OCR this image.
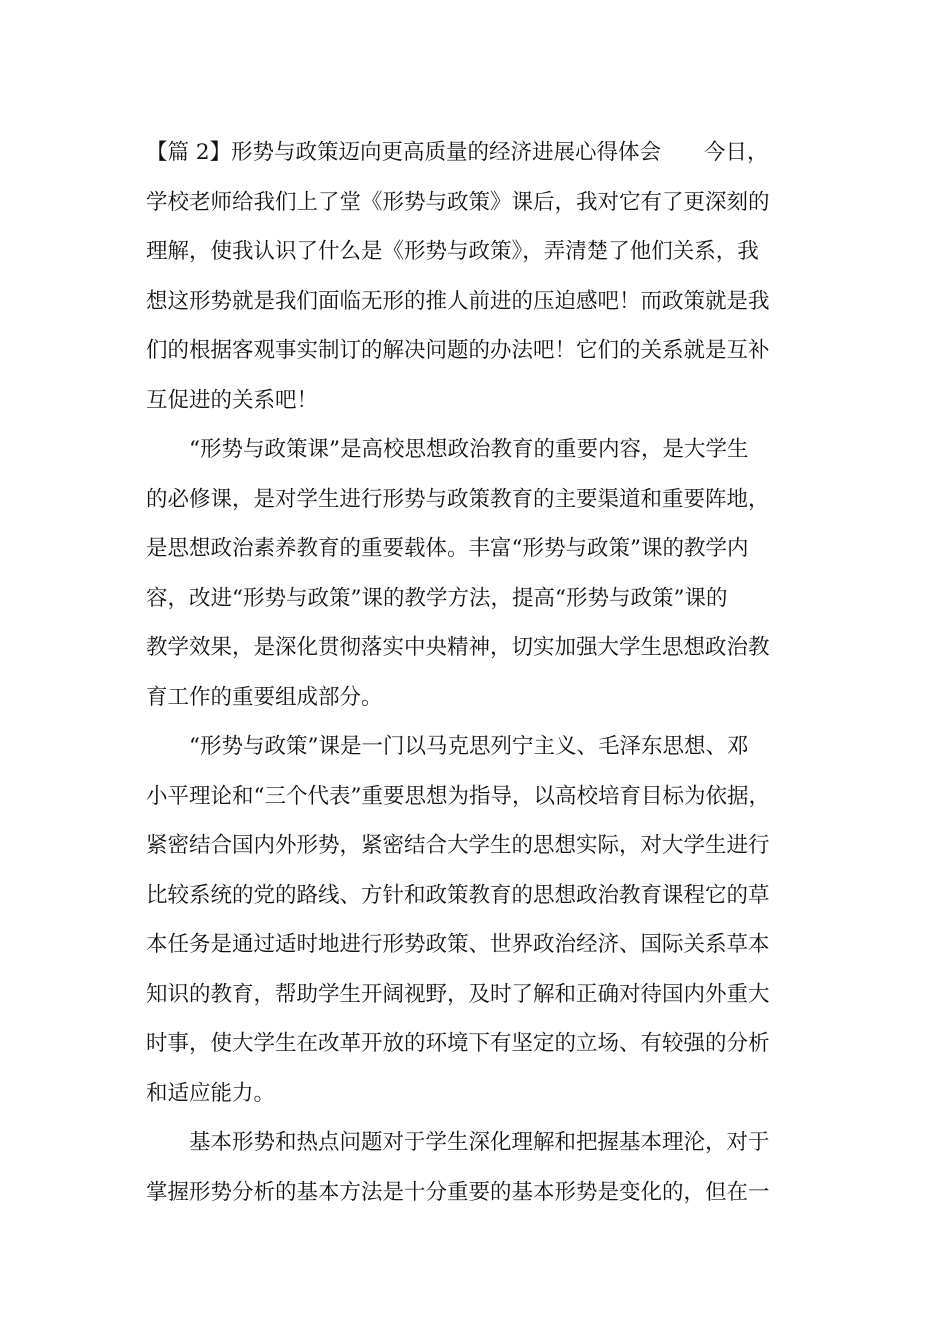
【篇 2】形势与政策迈向更高质量的经济进展心得体会　　今日，
学校老师给我们上了堂《形势与政策》课后，我对它有了更深刻的
理解，使我认识了什么是《形势与政策》，弄清楚了他们关系，我
想这形势就是我们面临无形的推人前进的压迫感吧！而政策就是我
们的根据客观事实制订的解决问题的办法吧！它们的关系就是互补
互促进的关系吧！
“形势与政策课”是高校思想政治教育的重要内容，是大学生
的必修课，是对学生进行形势与政策教育的主要渠道和重要阵地，
是思想政治素养教育的重要载体。丰富“形势与政策”课的教学内
容，改进“形势与政策”课的教学方法，提高“形势与政策”课的
教学效果，是深化贯彻落实中央精神，切实加强大学生思想政治教
育工作的重要组成部分。
“形势与政策”课是一门以马克思列宁主义、毛泽东思想、邓
小平理论和“三个代表”重要思想为指导，以高校培育目标为依据，
紧密结合国内外形势，紧密结合大学生的思想实际，对大学生进行
比较系统的党的路线、方针和政策教育的思想政治教育课程它的草
本任务是通过适时地进行形势政策、世界政治经济、国际关系草本
知识的教育，帮助学生开阔视野，及时了解和正确对待国内外重大
时事，使大学生在改革开放的环境下有坚定的立场、有较强的分析
和适应能力。
基本形势和热点问题对于学生深化理解和把握基本理沦，对于
掌握形势分析的基本方法是十分重要的基本形势是变化的，但在一
